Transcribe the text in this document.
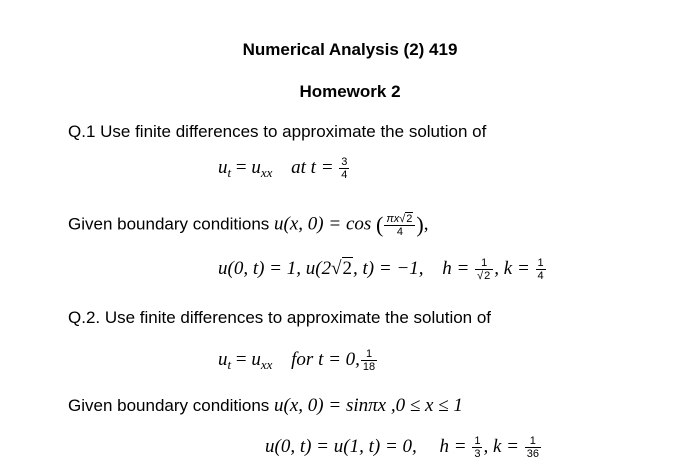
Numerical Analysis (2) 419
Homework 2
Q.1 Use finite differences to approximate the solution of
$u_t = u_{xx}$ at $t = \frac{3}{4}$
Given boundary conditions u(x, 0) = cos ( $\frac{\pi x√2}{4}$ ),
u(0, t) = 1, u(2√2, t) = −1, $h = \frac{1}{√2}$ , $k = \frac{1}{4}$
Q.2. Use finite differences to approximate the solution of
$u_t = u_{xx}$ for t = 0, $\frac{1}{18}$
Given boundary conditions u(x, 0) = sinπx ,0 ≤ x ≤ 1
u(0, t) = u(1, t) = 0, $h = \frac{1}{3}$ , $k = \frac{1}{36}$
